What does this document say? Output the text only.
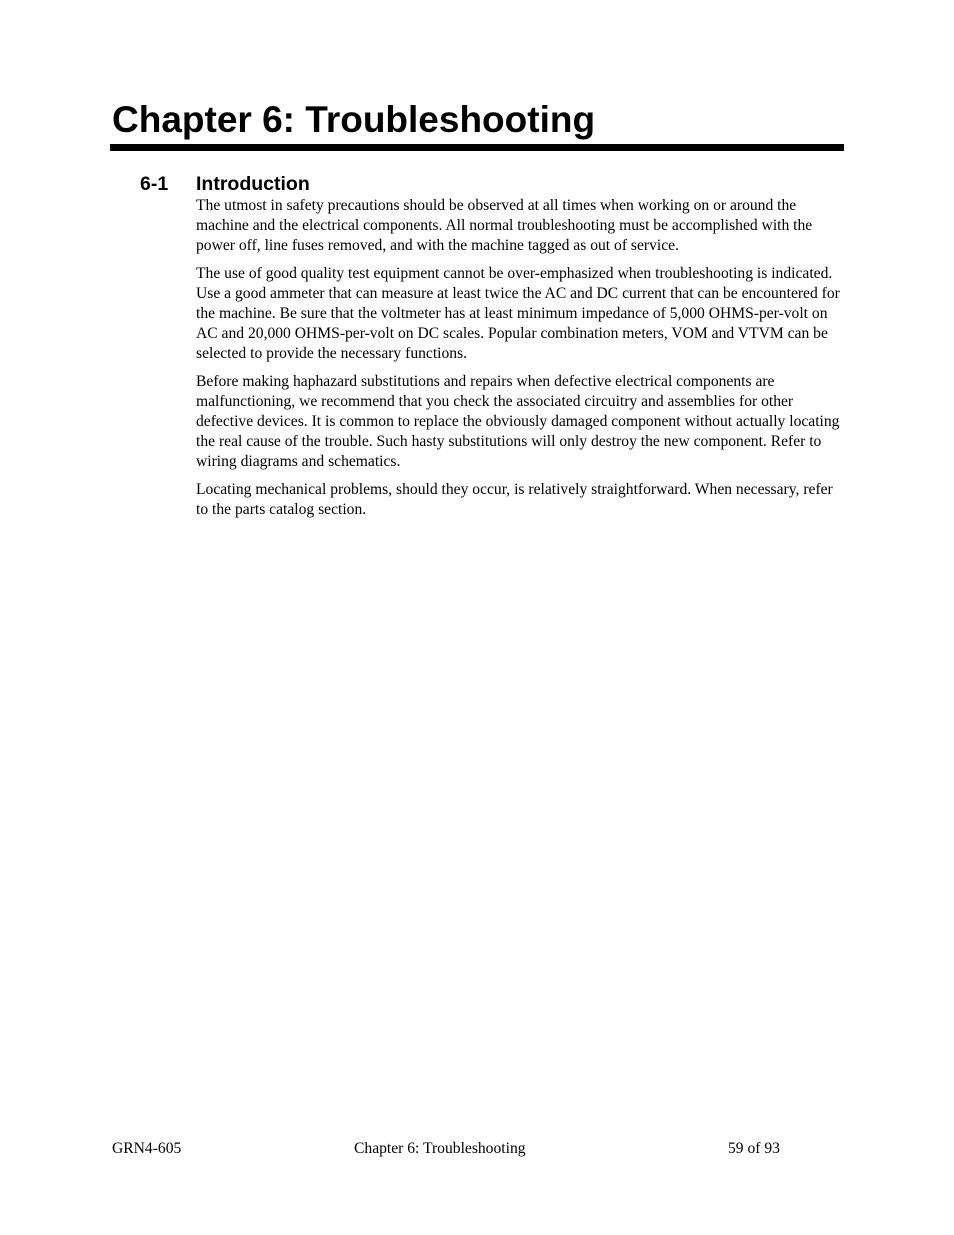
Chapter 6: Troubleshooting
6-1 Introduction

The utmost in safety precautions should be observed at all times when working on or around the machine and the electrical components. All normal troubleshooting must be accomplished with the power off, line fuses removed, and with the machine tagged as out of service.

The use of good quality test equipment cannot be over-emphasized when troubleshooting is indicated. Use a good ammeter that can measure at least twice the AC and DC current that can be encountered for the machine. Be sure that the voltmeter has at least minimum impedance of 5,000 OHMS-per-volt on AC and 20,000 OHMS-per-volt on DC scales. Popular combination meters, VOM and VTVM can be selected to provide the necessary functions.

Before making haphazard substitutions and repairs when defective electrical components are malfunctioning, we recommend that you check the associated circuitry and assemblies for other defective devices. It is common to replace the obviously damaged component without actually locating the real cause of the trouble. Such hasty substitutions will only destroy the new component. Refer to wiring diagrams and schematics.

Locating mechanical problems, should they occur, is relatively straightforward. When necessary, refer to the parts catalog section.

GRN4-605	Chapter 6: Troubleshooting	59 of 93
